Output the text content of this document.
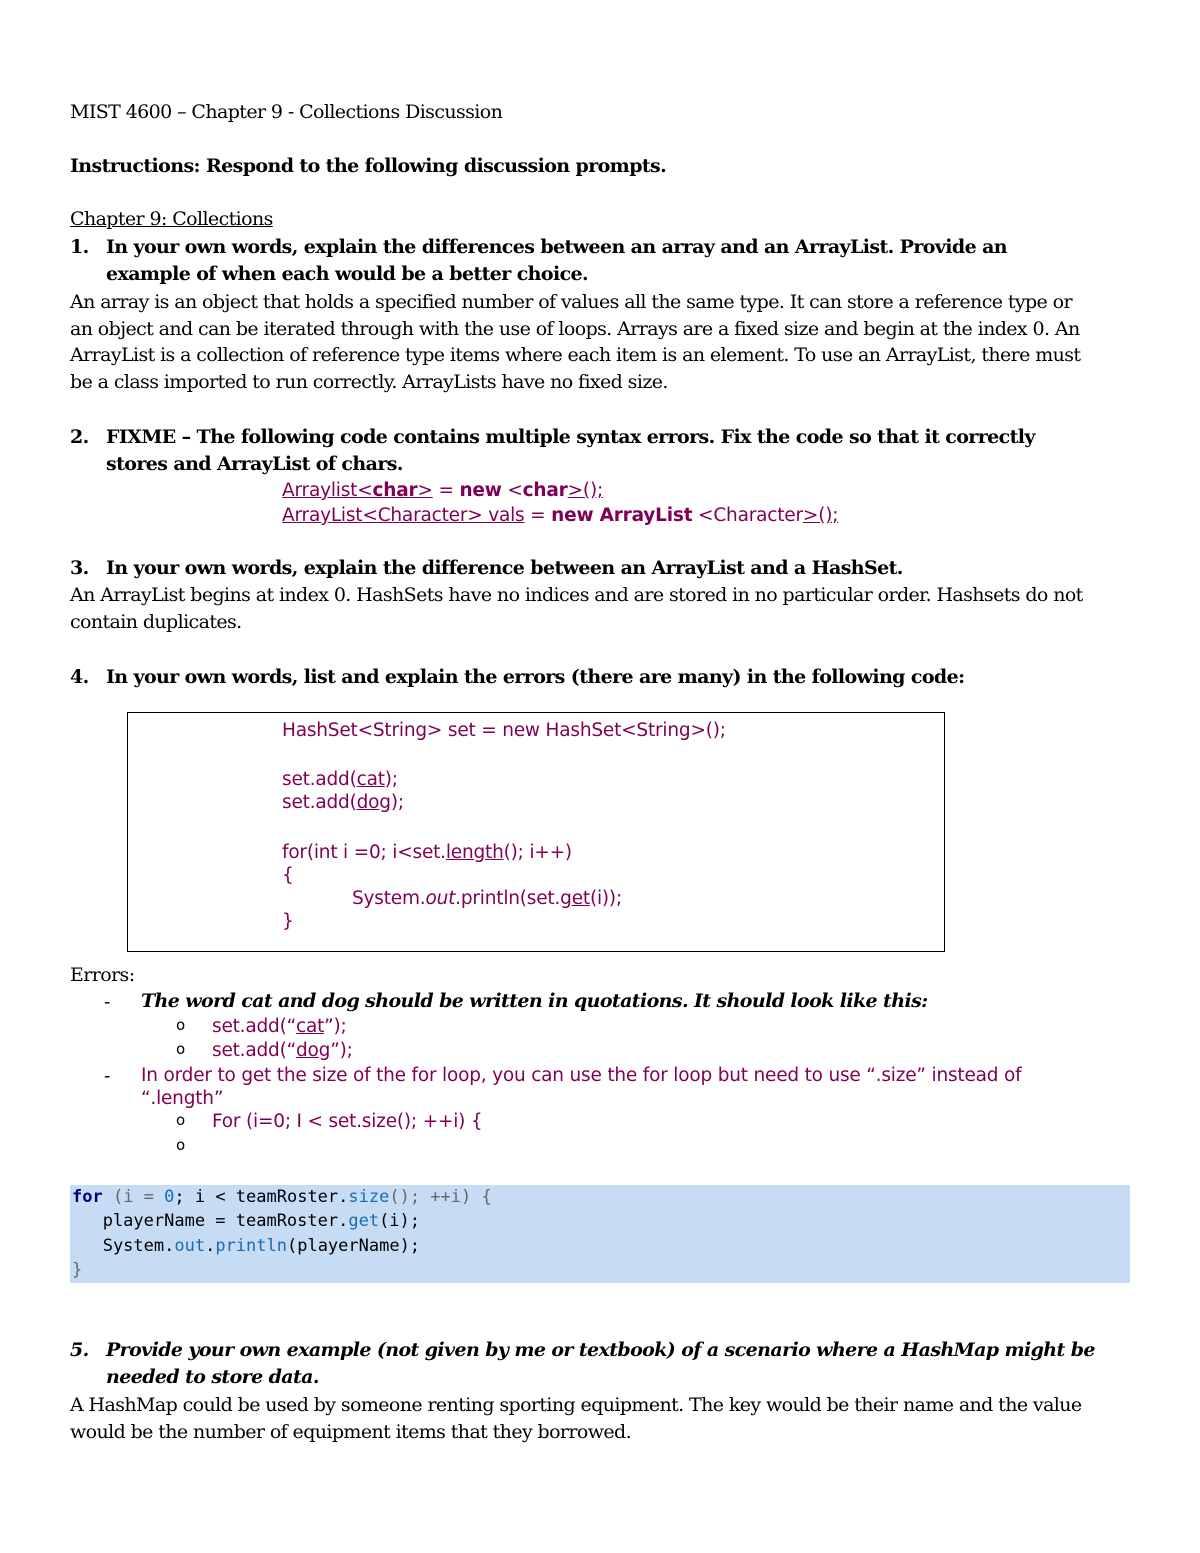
MIST 4600 – Chapter 9 - Collections Discussion
Instructions: Respond to the following discussion prompts.
Chapter 9: Collections
1. In your own words, explain the differences between an array and an ArrayList. Provide an
example of when each would be a better choice.
An array is an object that holds a specified number of values all the same type. It can store a reference type or
an object and can be iterated through with the use of loops. Arrays are a fixed size and begin at the index 0. An
ArrayList is a collection of reference type items where each item is an element. To use an ArrayList, there must
be a class imported to run correctly. ArrayLists have no fixed size.
2. FIXME – The following code contains multiple syntax errors. Fix the code so that it correctly
stores and ArrayList of chars.
Arraylist<char> = new <char>();
ArrayList<Character> vals = new ArrayList <Character>();
3. In your own words, explain the difference between an ArrayList and a HashSet.
An ArrayList begins at index 0. HashSets have no indices and are stored in no particular order. Hashsets do not
contain duplicates.
4. In your own words, list and explain the errors (there are many) in the following code:
HashSet<String> set = new HashSet<String>();
set.add(cat);
set.add(dog);
for(int i =0; i<set.length(); i++)
{
System.out.println(set.get(i));
}
Errors:
- The word cat and dog should be written in quotations. It should look like this:
o set.add(“cat”);
o set.add(“dog”);
- In order to get the size of the for loop, you can use the for loop but need to use “.size” instead of
“.length”
o For (i=0; I < set.size(); ++i) {
o
for (i = 0; i < teamRoster.size(); ++i) {
playerName = teamRoster.get(i);
System.out.println(playerName);
}
5. Provide your own example (not given by me or textbook) of a scenario where a HashMap might be
needed to store data.
A HashMap could be used by someone renting sporting equipment. The key would be their name and the value
would be the number of equipment items that they borrowed.
